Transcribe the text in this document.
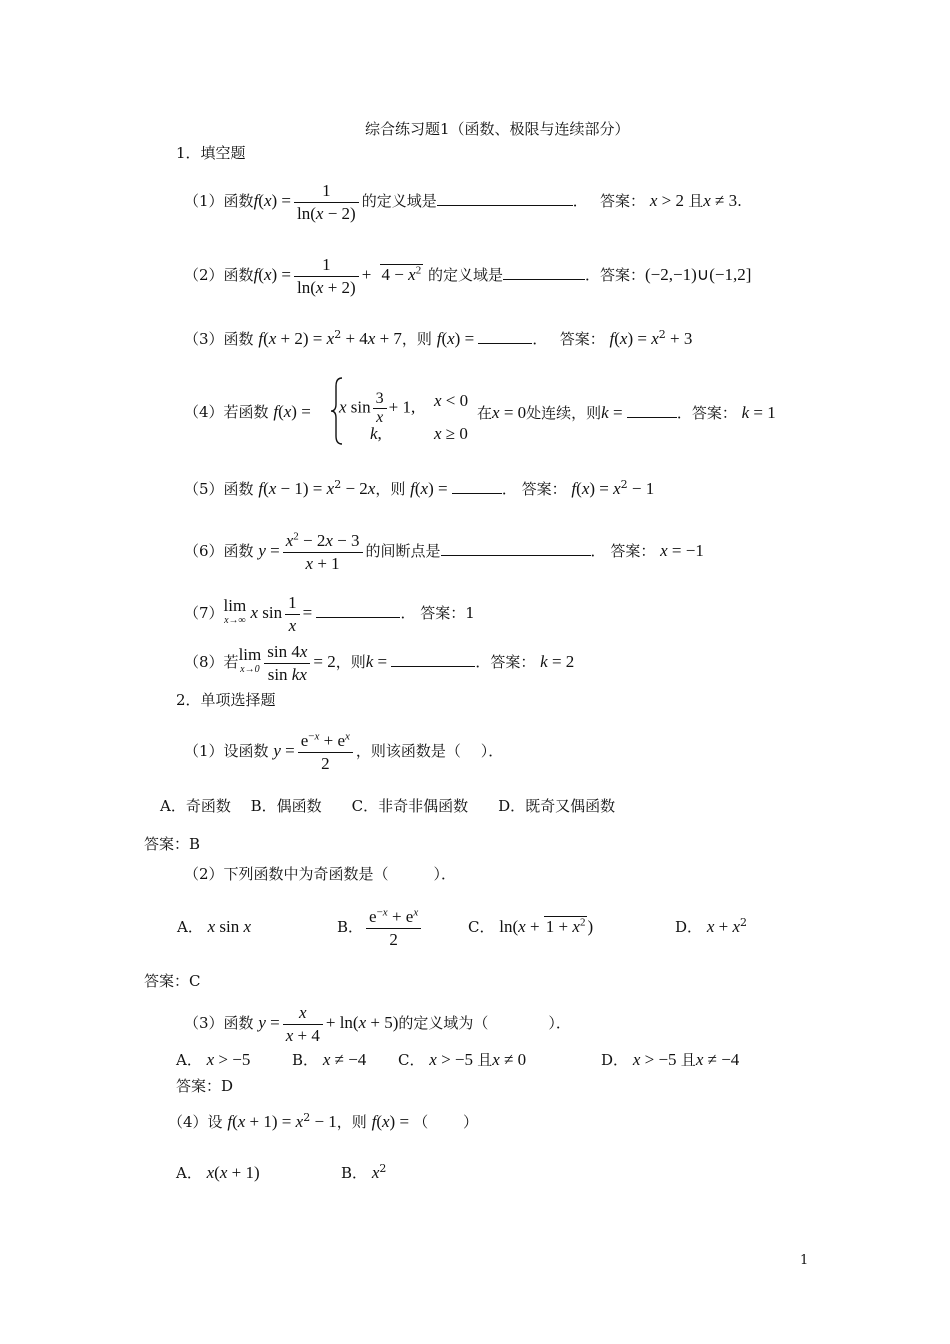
综合练习题1（函数、极限与连续部分）
1．填空题
（1）函数$f(x) = \frac{1}{\ln(x - 2)}$ 的定义域是	．　 答案： x > 2 且x ≠ 3.
（2）函数$f(x) = \frac{1}{\ln(x + 2)} + 4 - x^2$ 的定义域是	．答案：(−2,−1)∪(−1,2]
（3）函数 $f(x + 2) = x^2 + 4x + 7$，则 f(x) =	．　 答案： $f(x) = x^2 + 3$
（4）若函数 f(x) = x $\sin \frac{3}{x} + 1$, x < 0
k,	x ≥ 0
在x = 0处连续，则k =	．答案： k = 1
（5）函数 $f(x - 1) = x^2 - 2x$，则 f(x) =	． 答案： $f(x) = x^2 - 1$
（6）函数 $y = \frac{x^2 - 2x - 3}{x + 1}$ 的间断点是	． 答案： x = −1
（7）lim
x→∞ x $\sin \frac{1}{x}$ =	． 答案：1
（8）若lim
$x\to 0 \frac{\sin 4x}{\text{sin kx}} = 2$，则k =	．答案： k = 2
2．单项选择题
（1）设函数 $y = \frac{e^{-x} + e^x}{2}$ ，则该函数是（　 ）．
A．奇函数　 B．偶函数　　C．非奇非偶函数　　D．既奇又偶函数
答案：B
（2）下列函数中为奇函数是（　　　）．
A． x sin x	B． $\frac{e^{-x} + e^x}{2}$	C． $\ln(x + 1 + x^2$ )	D． $x + x^2$
答案：C
（3）函数 $y = \frac{x}{x + 4} + \ln(x + 5)$的定义域为（　　　　）．
A． x > −5	B． x ≠ −4 C． x > −5 且x ≠ 0	D． x > −5 且x ≠ −4
答案：D
（4）设 $f(x + 1) = x^2 - 1$，则 f(x) = （　　 ）
A． x(x + 1)	B． $x^2$
1
